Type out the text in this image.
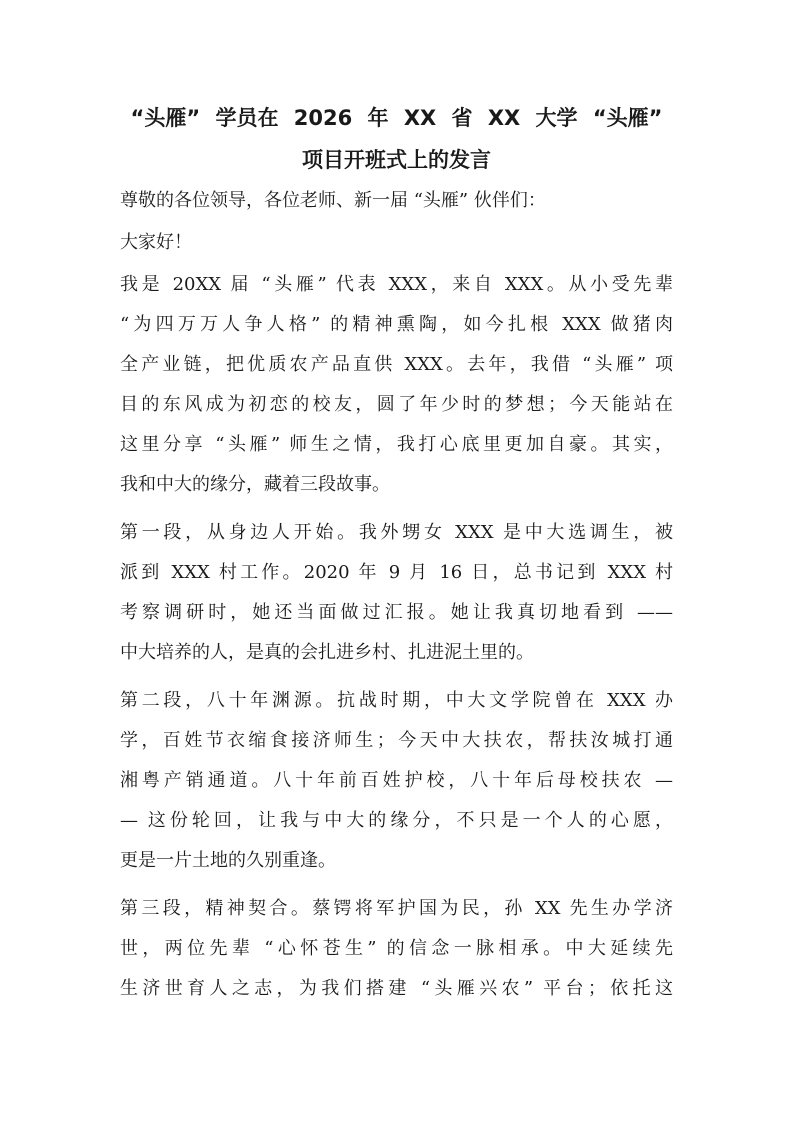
“头雁” 学员在 2026 年 XX 省 XX 大学 “头雁”
项目开班式上的发言
尊敬的各位领导，各位老师、新一届 “头雁” 伙伴们：
大家好！
我是 20XX 届 “头雁” 代表 XXX，来自 XXX。从小受先辈
“为四万万人争人格” 的精神熏陶，如今扎根 XXX 做猪肉
全产业链，把优质农产品直供 XXX。去年，我借 “头雁” 项
目的东风成为初恋的校友，圆了年少时的梦想；今天能站在
这里分享 “头雁” 师生之情，我打心底里更加自豪。其实，
我和中大的缘分，藏着三段故事。
第一段，从身边人开始。我外甥女 XXX 是中大选调生，被
派到 XXX 村工作。2020 年 9 月 16 日，总书记到 XXX 村
考察调研时，她还当面做过汇报。她让我真切地看到 ——
中大培养的人，是真的会扎进乡村、扎进泥土里的。
第二段，八十年渊源。抗战时期，中大文学院曾在 XXX 办
学，百姓节衣缩食接济师生；今天中大扶农，帮扶汝城打通
湘粤产销通道。八十年前百姓护校，八十年后母校扶农 —
— 这份轮回，让我与中大的缘分，不只是一个人的心愿，
更是一片土地的久别重逢。
第三段，精神契合。蔡锷将军护国为民，孙 XX 先生办学济
世，两位先辈 “心怀苍生” 的信念一脉相承。中大延续先
生济世育人之志，为我们搭建 “头雁兴农” 平台；依托这
